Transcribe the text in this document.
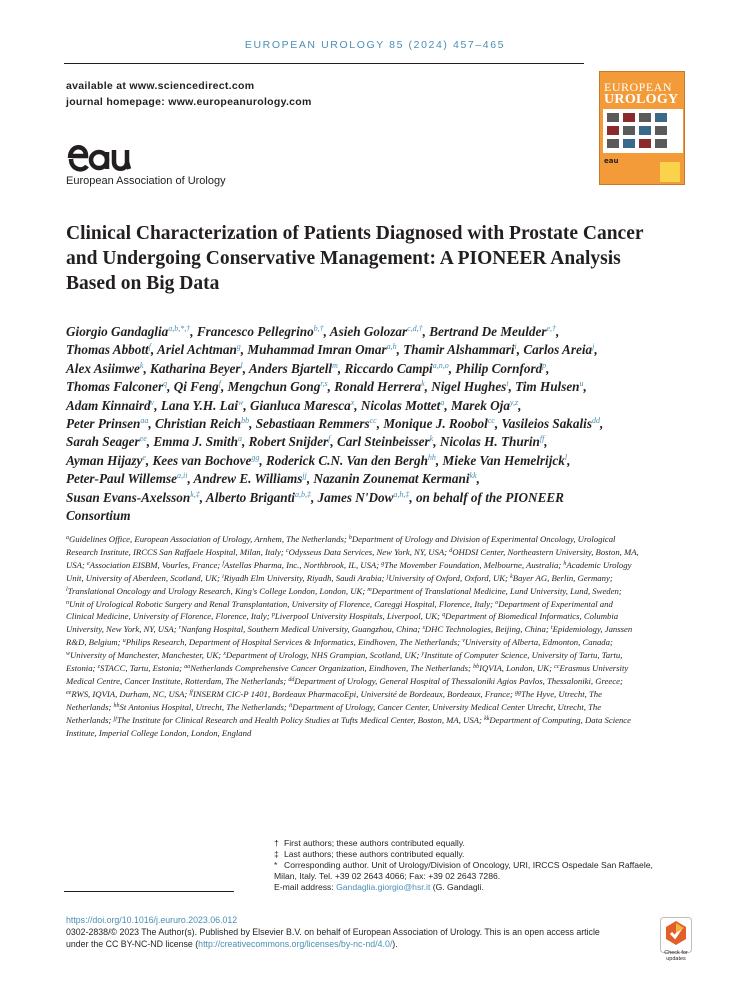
EUROPEAN UROLOGY 85 (2024) 457–465
available at www.sciencedirect.com
journal homepage: www.europeanurology.com
EUROPEAN
UROLOGY
eau
European Association of Urology
Clinical Characterization of Patients Diagnosed with Prostate Cancer
and Undergoing Conservative Management: A PIONEER Analysis
Based on Big Data
Giorgio Gandaglia$^{a,b,*,\dagger}$, Francesco Pellegrino$^{b,\dagger}$, Asieh Golozar$^{c,d,\dagger}$, Bertrand De Meulder$^{e,\dagger}$,
Thomas Abbott$^f$, Ariel Achtman$^g$, Muhammad Imran Omar$^{a,h}$, Thamir Alshammari$^i$, Carlos Areia$^j$,
Alex Asiimwe$^k$, Katharina Beyer$^l$, Anders Bjartell$^m$, Riccardo Campi$^{a,n,o}$, Philip Cornford$^p$,
Thomas Falconer$^q$, Qi Feng$^f$, Mengchun Gong$^{r,s}$, Ronald Herrera$^k$, Nigel Hughes$^t$, Tim Hulsen$^u$,
Adam Kinnaird$^v$, Lana Y.H. Lai$^w$, Gianluca Maresca$^x$, Nicolas Mottet$^a$, Marek Oja$^{y,z}$,
Peter Prinsen$^{aa}$, Christian Reich$^{bb}$, Sebastiaan Remmers$^{cc}$, Monique J. Roobol$^{cc}$, Vasileios Sakalis$^{dd}$,
Sarah Seager$^{ee}$, Emma J. Smith$^a$, Robert Snijder$^f$, Carl Steinbeisser$^k$, Nicolas H. Thurin$^{ff}$,
Ayman Hijazy$^e$, Kees van Bochove$^{gg}$, Roderick C.N. Van den Bergh$^{hh}$, Mieke Van Hemelrijck$^l$,
Peter-Paul Willemse$^{a,ii}$, Andrew E. Williams$^{jj}$, Nazanin Zounemat Kermani$^{kk}$,
Susan Evans-Axelsson$^{k,\ddagger}$, Alberto Briganti$^{a,b,\ddagger}$, James N'Dow$^{a,h,\ddagger}$, on behalf of the PIONEER
Consortium
$^a$Guidelines Office, European Association of Urology, Arnhem, The Netherlands; $^b$Department of Urology and Division of Experimental Oncology, Urological
Research Institute, IRCCS San Raffaele Hospital, Milan, Italy; $^c$Odysseus Data Services, New York, NY, USA; $^d$OHDSI Center, Northeastern University, Boston, MA,
USA; $^e$Association EISBM, Vourles, France; $^f$Astellas Pharma, Inc., Northbrook, IL, USA; $^g$The Movember Foundation, Melbourne, Australia; $^h$Academic Urology
Unit, University of Aberdeen, Scotland, UK; $^i$Riyadh Elm University, Riyadh, Saudi Arabia; $^j$University of Oxford, Oxford, UK; $^k$Bayer AG, Berlin, Germany;
$^l$Translational Oncology and Urology Research, King's College London, London, UK; $^m$Department of Translational Medicine, Lund University, Lund, Sweden;
$^n$Unit of Urological Robotic Surgery and Renal Transplantation, University of Florence, Careggi Hospital, Florence, Italy; $^o$Department of Experimental and
Clinical Medicine, University of Florence, Florence, Italy; $^p$Liverpool University Hospitals, Liverpool, UK; $^q$Department of Biomedical Informatics, Columbia
University, New York, NY, USA; $^r$Nanfang Hospital, Southern Medical University, Guangzhou, China; $^s$DHC Technologies, Beijing, China; $^t$Epidemiology, Janssen
R&D, Belgium; $^u$Philips Research, Department of Hospital Services & Informatics, Eindhoven, The Netherlands; $^v$University of Alberta, Edmonton, Canada;
$^w$University of Manchester, Manchester, UK; $^x$Department of Urology, NHS Grampian, Scotland, UK; $^y$Institute of Computer Science, University of Tartu, Tartu,
Estonia; $^z$STACC, Tartu, Estonia; $^{aa}$Netherlands Comprehensive Cancer Organization, Eindhoven, The Netherlands; $^{bb}$IQVIA, London, UK; $^{cc}$Erasmus University
Medical Centre, Cancer Institute, Rotterdam, The Netherlands; $^{dd}$Department of Urology, General Hospital of Thessaloniki Agios Pavlos, Thessaloniki, Greece;
$^{ee}$RWS, IQVIA, Durham, NC, USA; $^{ff}$INSERM CIC-P 1401, Bordeaux PharmacoEpi, Université de Bordeaux, Bordeaux, France; $^{gg}$The Hyve, Utrecht, The
Netherlands; $^{hh}$St Antonius Hospital, Utrecht, The Netherlands; $^{ii}$Department of Urology, Cancer Center, University Medical Center Utrecht, Utrecht, The
Netherlands; $^{jj}$The Institute for Clinical Research and Health Policy Studies at Tufts Medical Center, Boston, MA, USA; $^{kk}$Department of Computing, Data Science
Institute, Imperial College London, London, England
† First authors; these authors contributed equally.
‡ Last authors; these authors contributed equally.
* Corresponding author. Unit of Urology/Division of Oncology, URI, IRCCS Ospedale San Raffaele,
Milan, Italy. Tel. +39 02 2643 4066; Fax: +39 02 2643 7286.
E-mail address: Gandaglia.giorgio@hsr.it (G. Gandagli.
https://doi.org/10.1016/j.eururo.2023.06.012
0302-2838/© 2023 The Author(s). Published by Elsevier B.V. on behalf of European Association of Urology. This is an open access article
under the CC BY-NC-ND license (http://creativecommons.org/licenses/by-nc-nd/4.0/).
Check for
updates
